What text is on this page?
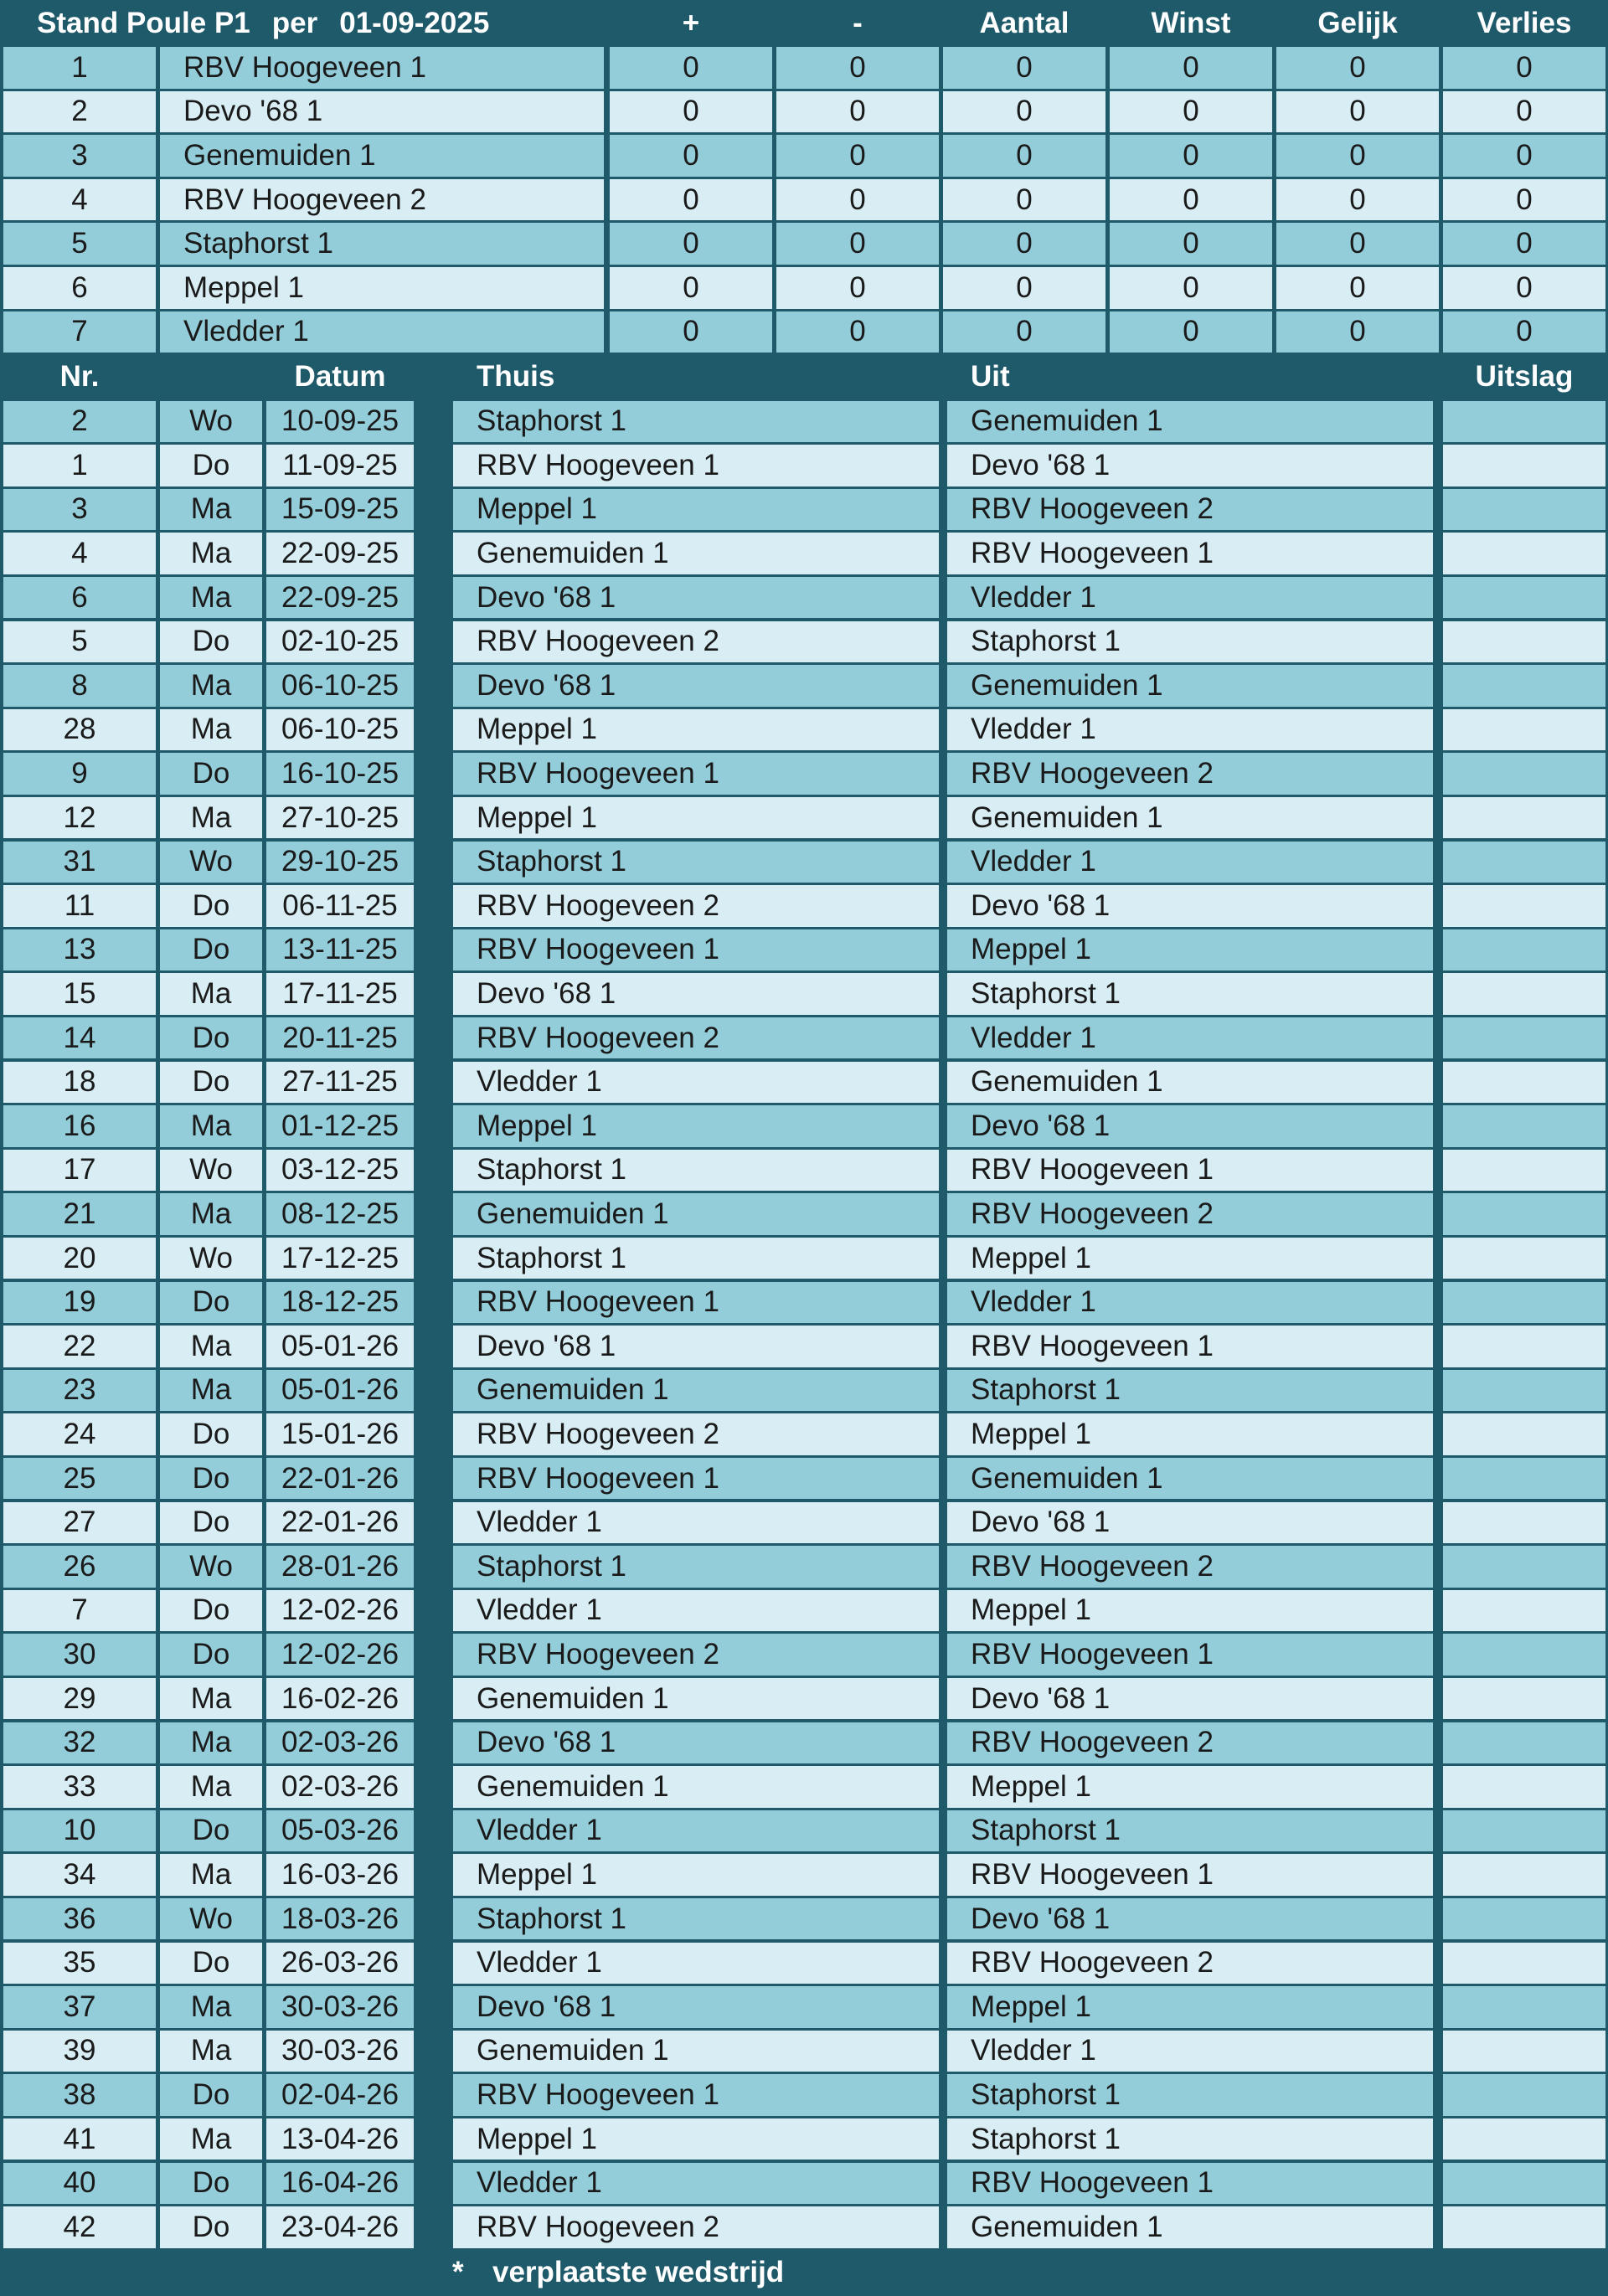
Stand Poule P1 per 01-09-2025	+	-	Aantal	Winst	Gelijk	Verlies
1	RBV Hoogeveen 1	0	0	0	0	0	0
2	Devo '68 1	0	0	0	0	0	0
3	Genemuiden 1	0	0	0	0	0	0
4	RBV Hoogeveen 2	0	0	0	0	0	0
5	Staphorst 1	0	0	0	0	0	0
6	Meppel 1	0	0	0	0	0	0
7	Vledder 1	0	0	0	0	0	0
Nr.	Datum	Thuis	Uit	Uitslag
2	Wo	10-09-25	Staphorst 1	Genemuiden 1
1	Do	11-09-25	RBV Hoogeveen 1	Devo '68 1
3	Ma	15-09-25	Meppel 1	RBV Hoogeveen 2
4	Ma	22-09-25	Genemuiden 1	RBV Hoogeveen 1
6	Ma	22-09-25	Devo '68 1	Vledder 1
5	Do	02-10-25	RBV Hoogeveen 2	Staphorst 1
8	Ma	06-10-25	Devo '68 1	Genemuiden 1
28	Ma	06-10-25	Meppel 1	Vledder 1
9	Do	16-10-25	RBV Hoogeveen 1	RBV Hoogeveen 2
12	Ma	27-10-25	Meppel 1	Genemuiden 1
31	Wo	29-10-25	Staphorst 1	Vledder 1
11	Do	06-11-25	RBV Hoogeveen 2	Devo '68 1
13	Do	13-11-25	RBV Hoogeveen 1	Meppel 1
15	Ma	17-11-25	Devo '68 1	Staphorst 1
14	Do	20-11-25	RBV Hoogeveen 2	Vledder 1
18	Do	27-11-25	Vledder 1	Genemuiden 1
16	Ma	01-12-25	Meppel 1	Devo '68 1
17	Wo	03-12-25	Staphorst 1	RBV Hoogeveen 1
21	Ma	08-12-25	Genemuiden 1	RBV Hoogeveen 2
20	Wo	17-12-25	Staphorst 1	Meppel 1
19	Do	18-12-25	RBV Hoogeveen 1	Vledder 1
22	Ma	05-01-26	Devo '68 1	RBV Hoogeveen 1
23	Ma	05-01-26	Genemuiden 1	Staphorst 1
24	Do	15-01-26	RBV Hoogeveen 2	Meppel 1
25	Do	22-01-26	RBV Hoogeveen 1	Genemuiden 1
27	Do	22-01-26	Vledder 1	Devo '68 1
26	Wo	28-01-26	Staphorst 1	RBV Hoogeveen 2
7	Do	12-02-26	Vledder 1	Meppel 1
30	Do	12-02-26	RBV Hoogeveen 2	RBV Hoogeveen 1
29	Ma	16-02-26	Genemuiden 1	Devo '68 1
32	Ma	02-03-26	Devo '68 1	RBV Hoogeveen 2
33	Ma	02-03-26	Genemuiden 1	Meppel 1
10	Do	05-03-26	Vledder 1	Staphorst 1
34	Ma	16-03-26	Meppel 1	RBV Hoogeveen 1
36	Wo	18-03-26	Staphorst 1	Devo '68 1
35	Do	26-03-26	Vledder 1	RBV Hoogeveen 2
37	Ma	30-03-26	Devo '68 1	Meppel 1
39	Ma	30-03-26	Genemuiden 1	Vledder 1
38	Do	02-04-26	RBV Hoogeveen 1	Staphorst 1
41	Ma	13-04-26	Meppel 1	Staphorst 1
40	Do	16-04-26	Vledder 1	RBV Hoogeveen 1
42	Do	23-04-26	RBV Hoogeveen 2	Genemuiden 1
* verplaatste wedstrijd
